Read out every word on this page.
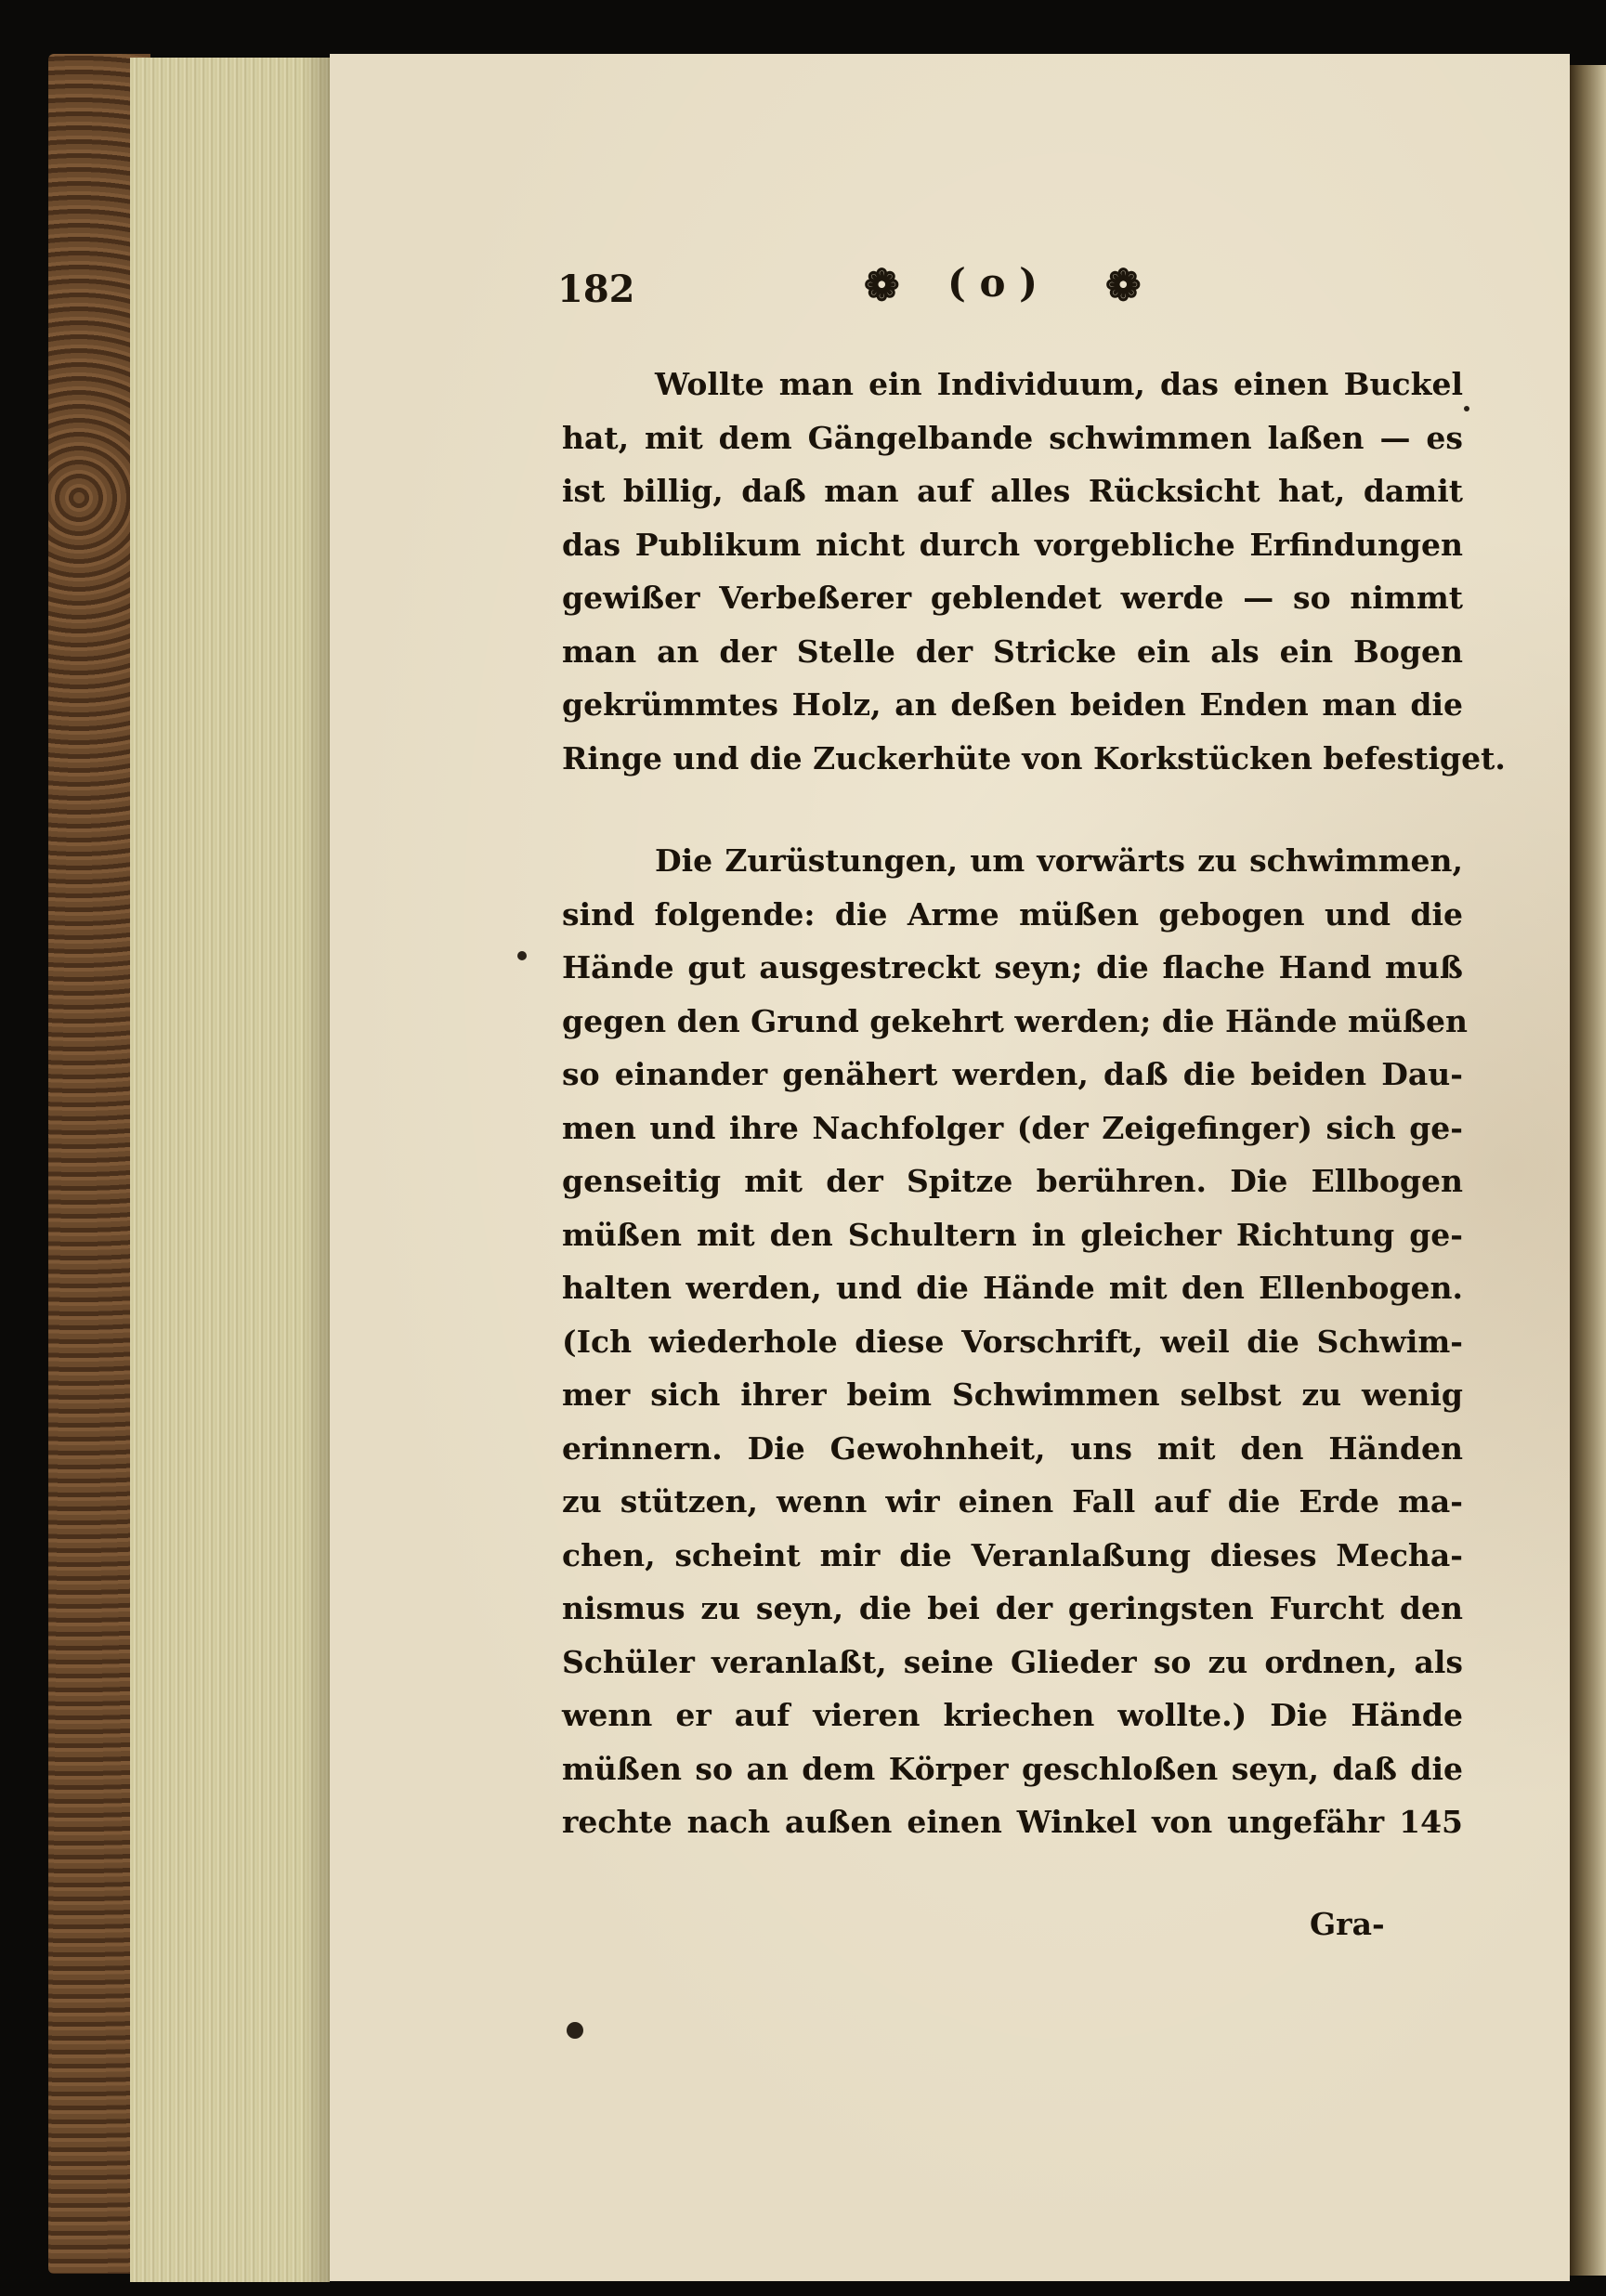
182	❁ ( o ) ❁
Wollte man ein Individuum, das einen Buckel
hat, mit dem Gängelbande schwimmen laßen — es
ist billig, daß man auf alles Rücksicht hat, damit
das Publikum nicht durch vorgebliche Erfindungen
gewißer Verbeßerer geblendet werde — so nimmt
man an der Stelle der Stricke ein als ein Bogen
gekrümmtes Holz, an deßen beiden Enden man die
Ringe und die Zuckerhüte von Korkstücken befestiget.
Die Zurüstungen, um vorwärts zu schwimmen,
sind folgende: die Arme müßen gebogen und die
Hände gut ausgestreckt seyn; die flache Hand muß
gegen den Grund gekehrt werden; die Hände müßen
so einander genähert werden, daß die beiden Dau-
men und ihre Nachfolger (der Zeigefinger) sich ge-
genseitig mit der Spitze berühren. Die Ellbogen
müßen mit den Schultern in gleicher Richtung ge-
halten werden, und die Hände mit den Ellenbogen.
(Ich wiederhole diese Vorschrift, weil die Schwim-
mer sich ihrer beim Schwimmen selbst zu wenig
erinnern. Die Gewohnheit, uns mit den Händen
zu stützen, wenn wir einen Fall auf die Erde ma-
chen, scheint mir die Veranlaßung dieses Mecha-
nismus zu seyn, die bei der geringsten Furcht den
Schüler veranlaßt, seine Glieder so zu ordnen, als
wenn er auf vieren kriechen wollte.) Die Hände
müßen so an dem Körper geschloßen seyn, daß die
rechte nach außen einen Winkel von ungefähr 145
Gra-
